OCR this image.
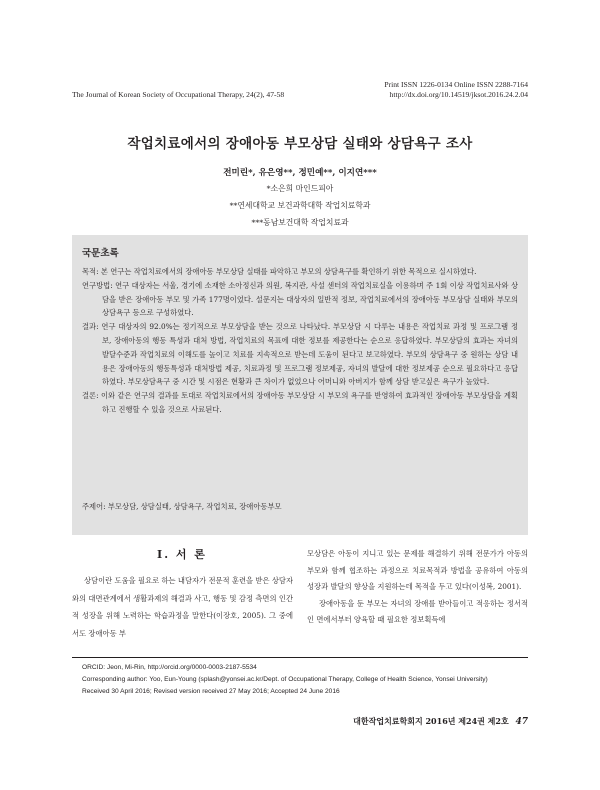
Print ISSN 1226-0134 Online ISSN 2288-7164
http://dx.doi.org/10.14519/jksot.2016.24.2.04
The Journal of Korean Society of Occupational Therapy, 24(2), 47-58
작업치료에서의 장애아동 부모상담 실태와 상담욕구 조사
전미린*, 유은영**, 정민예**, 이지연***
*소은희 마인드피아
**연세대학교 보건과학대학 작업치료학과
***동남보건대학 작업치료과
국문초록

목적: 본 연구는 작업치료에서의 장애아동 부모상담 실태를 파악하고 부모의 상담욕구를 확인하기 위한 목적으로 실시하였다.

연구방법: 연구 대상자는 서울, 경기에 소재한 소아정신과 의원, 복지관, 사설 센터의 작업치료실을 이용하며 주 1회 이상 작업치료사와 상담을 받은 장애아동 부모 및 가족 177명이었다. 설문지는 대상자의 일반적 정보, 작업치료에서의 장애아동 부모상담 실태와 부모의 상담욕구 등으로 구성하였다.

결과: 연구 대상자의 92.0%는 정기적으로 부모상담을 받는 것으로 나타났다. 부모상담 시 다루는 내용은 작업치료 과정 및 프로그램 정보, 장애아동의 행동 특성과 대처 방법, 작업치료의 목표에 대한 정보를 제공한다는 순으로 응답하였다. 부모상담의 효과는 자녀의 발달수준과 작업치료의 이해도를 높이고 치료를 지속적으로 받는데 도움이 된다고 보고하였다. 부모의 상담욕구 중 원하는 상담 내용은 장애아동의 행동특성과 대처방법 제공, 치료과정 및 프로그램 정보제공, 자녀의 발달에 대한 정보제공 순으로 필요하다고 응답하였다. 부모상담욕구 중 시간 및 시점은 현황과 큰 차이가 없었으나 어머니와 아버지가 함께 상담 받고싶은 욕구가 높았다.

결론: 이와 같은 연구의 결과를 토대로 작업치료에서의 장애아동 부모상담 시 부모의 욕구를 반영하여 효과적인 장애아동 부모상담을 계획하고 진행할 수 있을 것으로 사료된다.

주제어: 부모상담, 상담실태, 상담욕구, 작업치료, 장애아동부모
Ⅰ. 서 론
상담이란 도움을 필요로 하는 내담자가 전문적 훈련을 받은 상담자와의 대면관계에서 생활과제의 해결과 사고, 행동 및 감정 측면의 인간적 성장을 위해 노력하는 학습과정을 말한다(이장호, 2005). 그 중에서도 장애아동 부

모상담은 아동이 지니고 있는 문제를 해결하기 위해 전문가가 아동의 부모와 함께 협조하는 과정으로 치료목적과 방법을 공유하여 아동의 성장과 발달의 향상을 지원하는데 목적을 두고 있다(이성복, 2001).

장애아동을 둔 부모는 자녀의 장애를 받아들이고 적응하는 정서적인 면에서부터 양육할 때 필요한 정보획득에

ORCID: Jeon, Mi-Rin, http://orcid.org/0000-0003-2187-5534
Corresponding author: Yoo, Eun-Young (splash@yonsei.ac.kr/Dept. of Occupational Therapy, College of Health Science, Yonsei University)
Received 30 April 2016; Revised version received 27 May 2016; Accepted 24 June 2016
대한작업치료학회지 2016년 제24권 제2호 47
